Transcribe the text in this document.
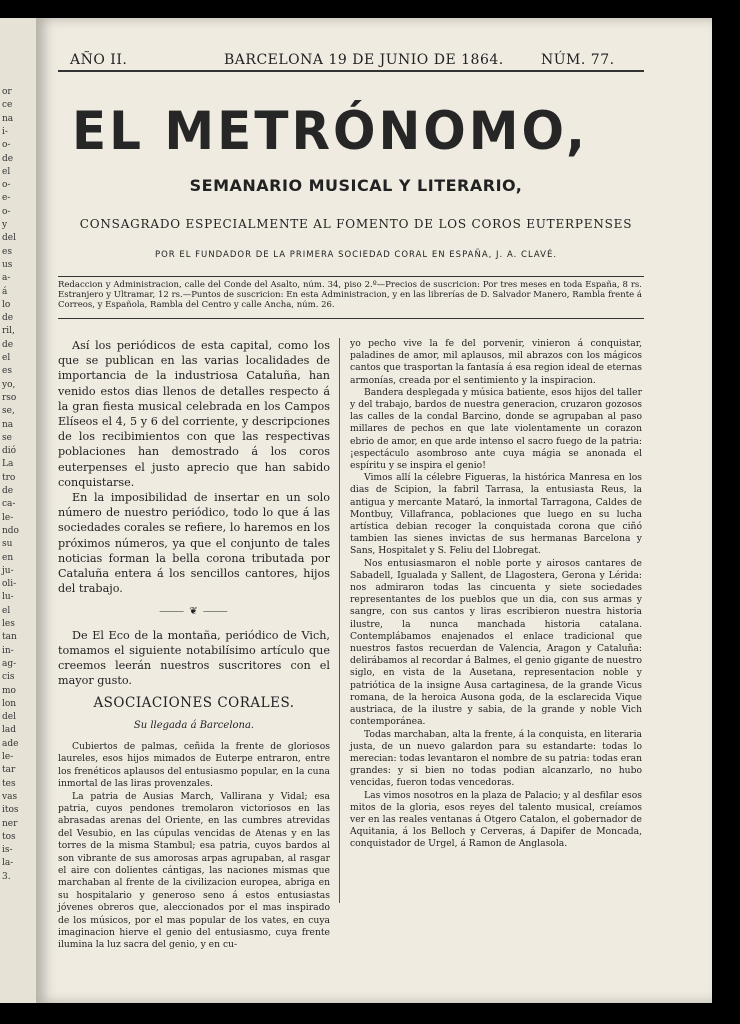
or
ce
na
i-
o-
de
el
o-
e-
o-
y
del
es
us
a-
á
lo
de
ril,
de
el
es
yo,
rso
se,
na
se
dió
La
tro
de
ca-
le-
ndo
su
en
ju-
oli-
lu-
el
les
tan
in-
ag-
cis
mo
lon
del
lad
ade
le-
tar
tes
vas
itos
ner
tos
is-
la-
3.
AÑO II.	BARCELONA 19 DE JUNIO DE 1864.	NÚM. 77.
EL METRÓNOMO,
SEMANARIO MUSICAL Y LITERARIO,
CONSAGRADO ESPECIALMENTE AL FOMENTO DE LOS COROS EUTERPENSES
POR EL FUNDADOR DE LA PRIMERA SOCIEDAD CORAL EN ESPAÑA, J. A. CLAVÉ.
Redaccion y Administracion, calle del Conde del Asalto, núm. 34, piso 2.º—Precios de suscricion: Por tres meses en toda España, 8 rs. Estranjero y Ultramar, 12 rs.—Puntos de suscricion: En esta Administracion, y en las librerías de D. Salvador Manero, Rambla frente á Correos, y Española, Rambla del Centro y calle Ancha, núm. 26.

Así los periódicos de esta capital, como los que se publican en las varias localidades de importancia de la industriosa Cataluña, han venido estos dias llenos de detalles respecto á la gran fiesta musical celebrada en los Campos Elíseos el 4, 5 y 6 del corriente, y descripciones de los recibimientos con que las respectivas poblaciones han demostrado á los coros euterpenses el justo aprecio que han sabido conquistarse.

En la imposibilidad de insertar en un solo número de nuestro periódico, todo lo que á las sociedades corales se refiere, lo haremos en los próximos números, ya que el conjunto de tales noticias forman la bella corona tributada por Cataluña entera á los sencillos cantores, hijos del trabajo.

⸻ ❦ ⸻

De El Eco de la montaña, periódico de Vich, tomamos el siguiente notabilísimo artículo que creemos leerán nuestros suscritores con el mayor gusto.

ASOCIACIONES CORALES.
Su llegada á Barcelona.

Cubiertos de palmas, ceñida la frente de gloriosos laureles, esos hijos mimados de Euterpe entraron, entre los frenéticos aplausos del entusiasmo popular, en la cuna inmortal de las liras provenzales.

La patria de Ausias March, Vallirana y Vidal; esa patria, cuyos pendones tremolaron victoriosos en las abrasadas arenas del Oriente, en las cumbres atrevidas del Vesubio, en las cúpulas vencidas de Atenas y en las torres de la misma Stambul; esa patria, cuyos bardos al son vibrante de sus amorosas arpas agrupaban, al rasgar el aire con dolientes cántigas, las naciones mismas que marchaban al frente de la civilizacion europea, abriga en su hospitalario y generoso seno á estos entusiastas jóvenes obreros que, aleccionados por el mas inspirado de los músicos, por el mas popular de los vates, en cuya imaginacion hierve el genio del entusiasmo, cuya frente ilumina la luz sacra del genio, y en cu-

yo pecho vive la fe del porvenir, vinieron á conquistar, paladines de amor, mil aplausos, mil abrazos con los mágicos cantos que trasportan la fantasía á esa region ideal de eternas armonías, creada por el sentimiento y la inspiracion.

Bandera desplegada y música batiente, esos hijos del taller y del trabajo, bardos de nuestra generacion, cruzaron gozosos las calles de la condal Barcino, donde se agrupaban al paso millares de pechos en que late violentamente un corazon ebrio de amor, en que arde intenso el sacro fuego de la patria: ¡espectáculo asombroso ante cuya mágia se anonada el espíritu y se inspira el genio!

Vimos allí la célebre Figueras, la histórica Manresa en los dias de Scipion, la fabril Tarrasa, la entusiasta Reus, la antigua y mercante Mataró, la inmortal Tarragona, Caldes de Montbuy, Villafranca, poblaciones que luego en su lucha artística debian recoger la conquistada corona que ciñó tambien las sienes invictas de sus hermanas Barcelona y Sans, Hospitalet y S. Feliu del Llobregat.

Nos entusiasmaron el noble porte y airosos cantares de Sabadell, Igualada y Sallent, de Llagostera, Gerona y Lérida: nos admiraron todas las cincuenta y siete sociedades representantes de los pueblos que un dia, con sus armas y sangre, con sus cantos y liras escribieron nuestra historia ilustre, la nunca manchada historia catalana. Contemplábamos enajenados el enlace tradicional que nuestros fastos recuerdan de Valencia, Aragon y Cataluña: delirábamos al recordar á Balmes, el genio gigante de nuestro siglo, en vista de la Ausetana, representacion noble y patriótica de la insigne Ausa cartaginesa, de la grande Vicus romana, de la heroica Ausona goda, de la esclarecida Vique austriaca, de la ilustre y sabia, de la grande y noble Vich contemporánea.

Todas marchaban, alta la frente, á la conquista, en literaria justa, de un nuevo galardon para su estandarte: todas lo merecian: todas levantaron el nombre de su patria: todas eran grandes: y si bien no todas podian alcanzarlo, no hubo vencidas, fueron todas vencedoras.

Las vimos nosotros en la plaza de Palacio; y al desfilar esos mitos de la gloria, esos reyes del talento musical, creíamos ver en las reales ventanas á Otgero Catalon, el gobernador de Aquitania, á los Belloch y Cerveras, á Dapifer de Moncada, conquistador de Urgel, á Ramon de Anglasola.
